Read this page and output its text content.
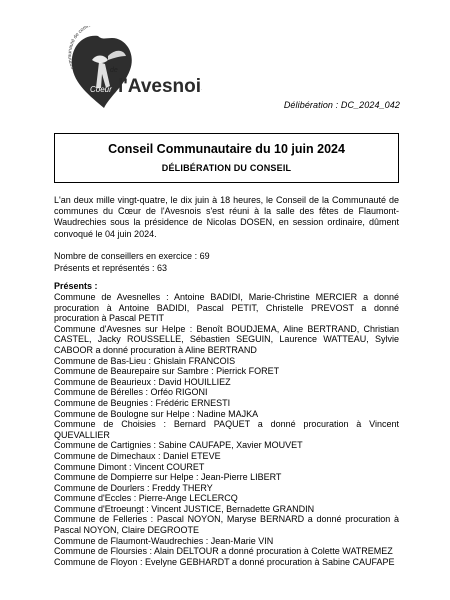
communauté de com
Coeur
de
l'Avesnoi
Délibération : DC_2024_042
Conseil Communautaire du 10 juin 2024
DÉLIBÉRATION DU CONSEIL
L'an deux mille vingt-quatre, le dix juin à 18 heures, le Conseil de la Communauté de communes du Cœur de l'Avesnois s'est réuni à la salle des fêtes de Flaumont-Waudrechies sous la présidence de Nicolas DOSEN, en session ordinaire, dûment convoqué le 04 juin 2024.
Nombre de conseillers en exercice : 69
Présents et représentés : 63
Présents :

Commune de Avesnelles : Antoine BADIDI, Marie-Christine MERCIER a donné procuration à Antoine BADIDI, Pascal PETIT, Christelle PREVOST a donné procuration à Pascal PETIT

Commune d'Avesnes sur Helpe : Benoît BOUDJEMA, Aline BERTRAND, Christian CASTEL, Jacky ROUSSELLE, Sébastien SEGUIN, Laurence WATTEAU, Sylvie CABOOR a donné procuration à Aline BERTRAND

Commune de Bas-Lieu : Ghislain FRANCOIS

Commune de Beaurepaire sur Sambre : Pierrick FORET

Commune de Beaurieux : David HOUILLIEZ

Commune de Bérelles : Orféo RIGONI

Commune de Beugnies : Frédéric ERNESTI

Commune de Boulogne sur Helpe : Nadine MAJKA

Commune de Choisies : Bernard PAQUET a donné procuration à Vincent QUEVALLIER

Commune de Cartignies : Sabine CAUFAPE, Xavier MOUVET

Commune de Dimechaux : Daniel ETEVE

Commune Dimont : Vincent COURET

Commune de Dompierre sur Helpe : Jean-Pierre LIBERT

Commune de Dourlers : Freddy THERY

Commune d'Eccles : Pierre-Ange LECLERCQ

Commune d'Etroeungt : Vincent JUSTICE, Bernadette GRANDIN

Commune de Felleries : Pascal NOYON, Maryse BERNARD a donné procuration à Pascal NOYON, Claire DEGROOTE

Commune de Flaumont-Waudrechies : Jean-Marie VIN

Commune de Floursies : Alain DELTOUR a donné procuration à Colette WATREMEZ

Commune de Floyon : Evelyne GEBHARDT a donné procuration à Sabine CAUFAPE
